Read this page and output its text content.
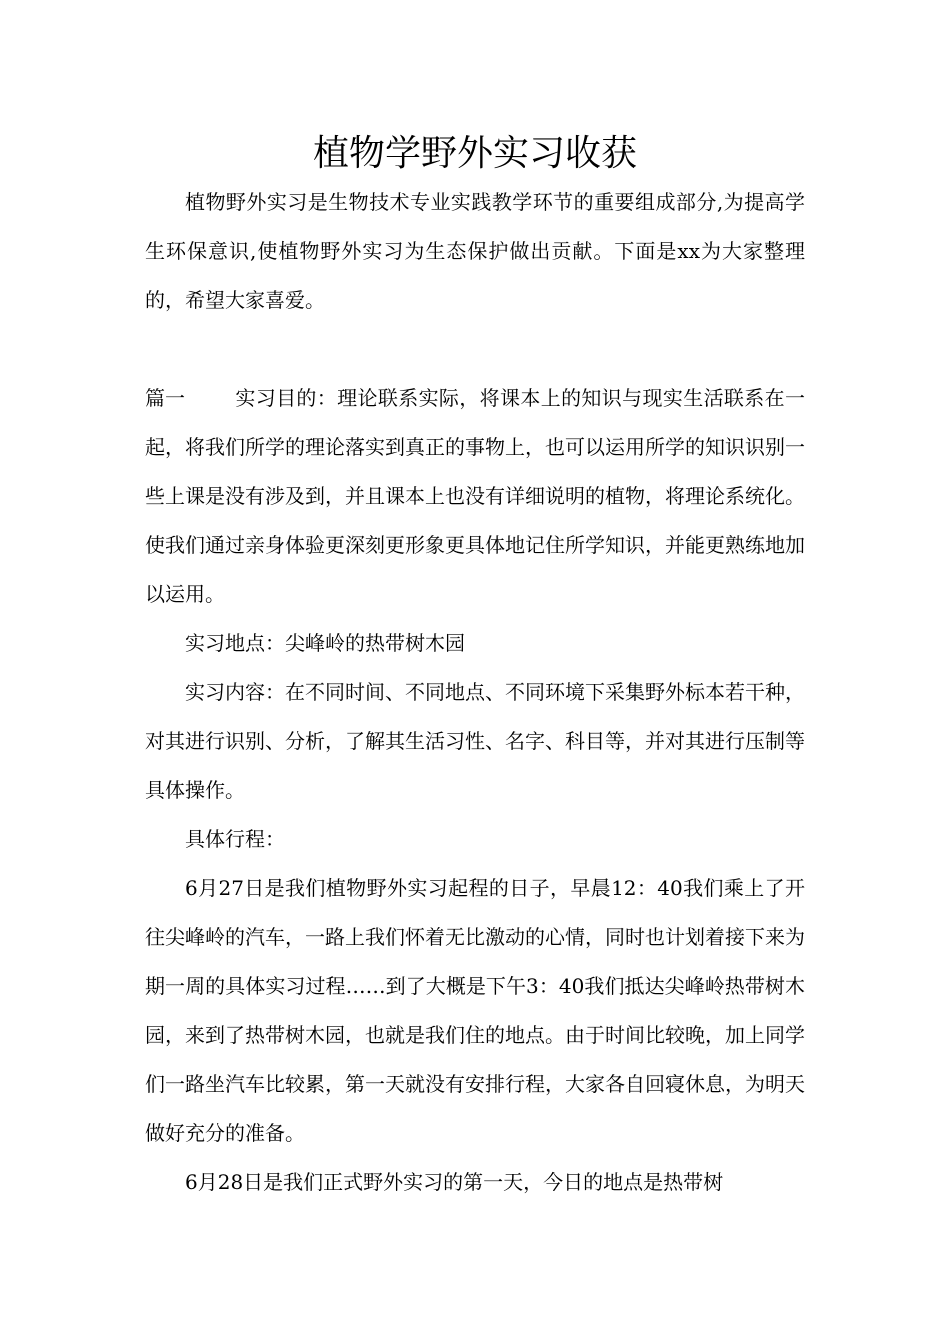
植物学野外实习收获

植物野外实习是生物技术专业实践教学环节的重要组成部分,为提高学生环保意识,使植物野外实习为生态保护做出贡献。下面是xx为大家整理的，希望大家喜爱。

篇一	实习目的：理论联系实际，将课本上的知识与现实生活联系在一起，将我们所学的理论落实到真正的事物上，也可以运用所学的知识识别一些上课是没有涉及到，并且课本上也没有详细说明的植物，将理论系统化。使我们通过亲身体验更深刻更形象更具体地记住所学知识，并能更熟练地加以运用。

实习地点：尖峰岭的热带树木园

实习内容：在不同时间、不同地点、不同环境下采集野外标本若干种，对其进行识别、分析，了解其生活习性、名字、科目等，并对其进行压制等具体操作。

具体行程：

6月27日是我们植物野外实习起程的日子，早晨12：40我们乘上了开往尖峰岭的汽车，一路上我们怀着无比激动的心情，同时也计划着接下来为期一周的具体实习过程……到了大概是下午3：40我们抵达尖峰岭热带树木园，来到了热带树木园，也就是我们住的地点。由于时间比较晚，加上同学们一路坐汽车比较累，第一天就没有安排行程，大家各自回寝休息，为明天做好充分的准备。

6月28日是我们正式野外实习的第一天，今日的地点是热带树
